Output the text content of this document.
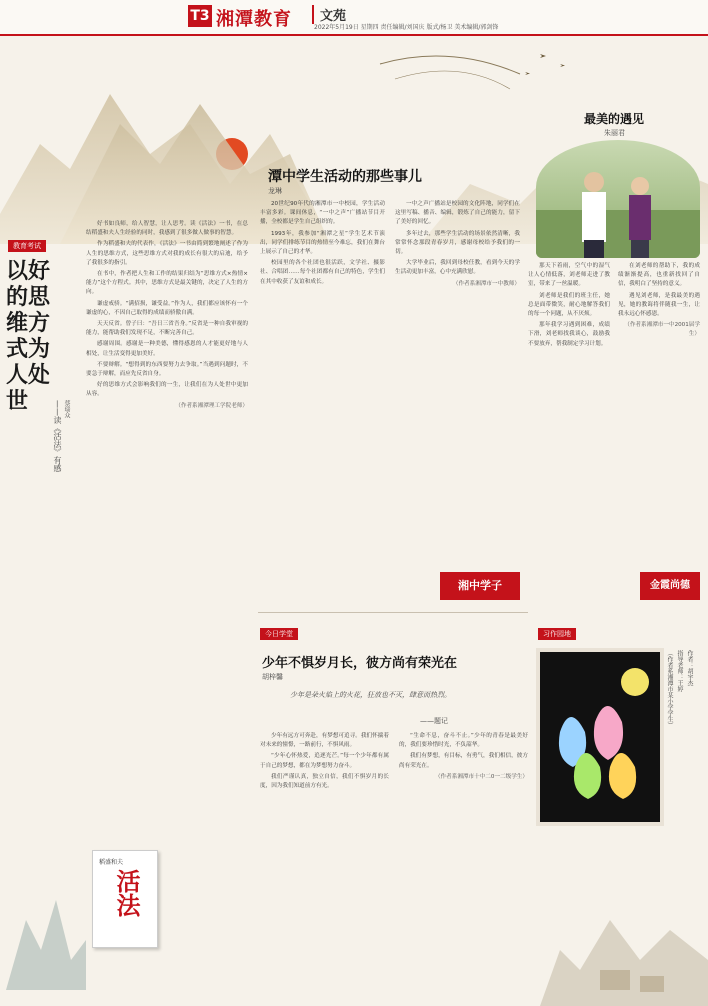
T3 湘潭教育	文苑
2022年5月19日 星期四 责任编辑/刘国庆 版式/杨卫 美术编辑/郭剑锋
教育考试
以好的思维方式为人处世	——读《活法》有感 蔡瑞众

好书如良师，给人智慧，让人思考。读《活法》一书，在总结稻盛和夫人生经验的同时，我感到了很多做人做事的智慧。

作为稻盛和夫的代表作，《活法》一书由简到繁地阐述了作为人生的思维方式，这些思维方式对我的成长有很大的启迪，给予了我很多的指引。

在书中，作者把人生和工作的结果归结为“思维方式×热情×能力”这个方程式。其中，思维方式是最关键的，决定了人生的方向。

谦虚戒骄。“满招损，谦受益。”作为人，我们都应该怀有一个谦虚的心，不因自己取得的成绩而骄傲自满。

天天反省。曾子曰：“吾日三省吾身。”反省是一种自我审视的能力，能帮助我们发现不足，不断完善自己。

感谢周围。感谢是一种美德，懂得感恩的人才能更好地与人相处，让生活变得更加美好。

不要辩解。“想得到的东西要努力去争取。”当遇到问题时，不要急于辩解，而应先反省自身。

好的思维方式会影响我们的一生，让我们在为人处世中更加从容。

（作者系湘潭理工学院老师）

稻盛和夫
活法
潭中学生活动的那些事儿
龙琳

20世纪90年代的湘潭市一中校园，学生活动丰富多彩。课间休息，“一中之声”广播站节目开播，全校都是学生自己组织的。

1993年，我参加“湘潭之星”学生艺术节演出，同学们排练节目的热情至今难忘，我们在舞台上展示了自己的才华。

校园里的各个社团也很活跃，文学社、摄影社、合唱团……每个社团都有自己的特色，学生们在其中收获了友谊和成长。

一中之声广播站是校园的文化阵地，同学们在这里写稿、播音、编辑，锻炼了自己的能力，留下了美好的回忆。

多年过去，那些学生活动的场景依然清晰，我常常怀念那段青春岁月，感谢母校给予我们的一切。

大学毕业后，我回到母校任教，看到今天的学生活动更加丰富，心中充满欣慰。

（作者系湘潭市一中教师）

最美的遇见
朱丽君

那天下着雨，空气中的湿气让人心情低落，刘老师走进了教室，带来了一丝温暖。

刘老师是我们的班主任，她总是面带微笑，耐心地解答我们的每一个问题，从不厌烦。

那年我学习遇到困难，成绩下滑，刘老师找我谈心，鼓励我不要放弃，帮我制定学习计划。

在刘老师的帮助下，我的成绩渐渐提高，也重新找回了自信，我明白了坚持的意义。

遇见刘老师，是我最美的遇见，她的教诲将伴随我一生，让我永远心怀感恩。

（作者系湘潭市一中2001届学生）

湘中学子	金霞尚德
今日学堂
少年不惧岁月长，彼方尚有荣光在
胡梓馨
少年是朵火焰上的火花，狂放也不灭，肆意而热烈。
——题记

少年有远方可奔赴，有梦想可追寻。我们怀揣着对未来的憧憬，一路前行，不惧风雨。

“少年心怀热爱，追逐光芒。”每一个少年都有属于自己的梦想，都在为梦想努力奋斗。

我们严谨认真，独立自信，我们不惧岁月的长度，因为我们知道前方有光。

“生命不息，奋斗不止。”少年的青春是最美好的，我们要珍惜时光，不负韶华。

我们有梦想，有目标，有勇气，我们相信，彼方尚有荣光在。

（作者系湘潭市十中二0一二级学生）

习作园地
作者：胡宇杰
指导老师：王婷
（作者系湘潭市某小学学生）
